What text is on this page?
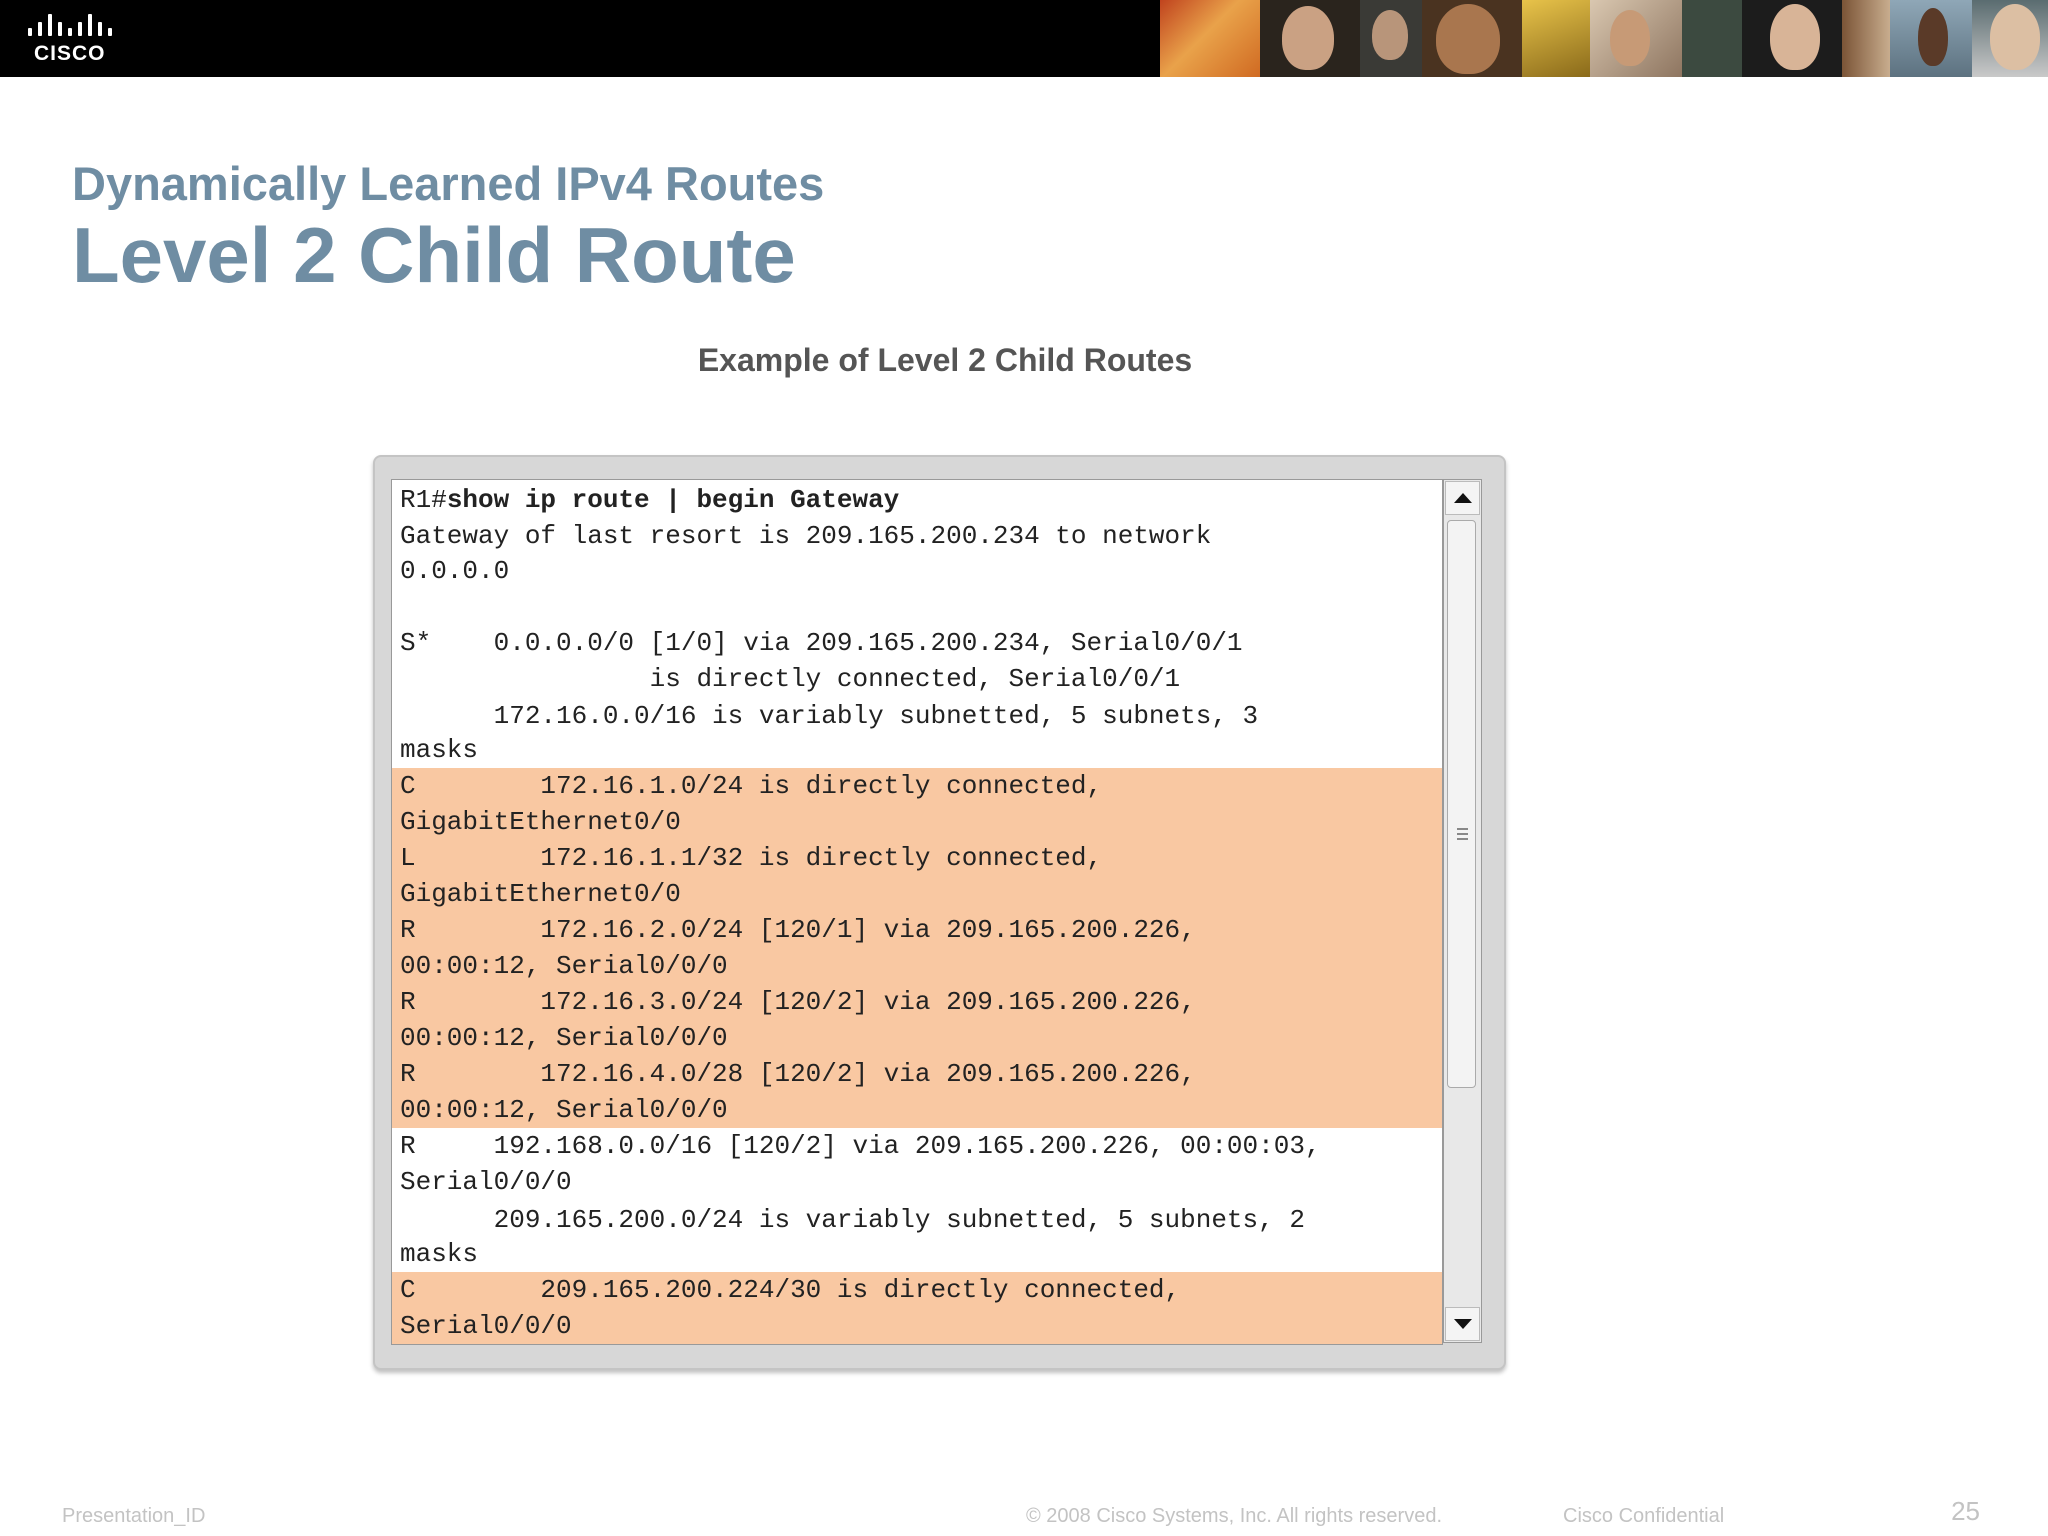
CISCO
Dynamically Learned IPv4 Routes
Level 2 Child Route
Example of Level 2 Child Routes
R1#show ip route | begin Gateway
Gateway of last resort is 209.165.200.234 to network
0.0.0.0
S*    0.0.0.0/0 [1/0] via 209.165.200.234, Serial0/0/1
is directly connected, Serial0/0/1
172.16.0.0/16 is variably subnetted, 5 subnets, 3
masks
C        172.16.1.0/24 is directly connected,
GigabitEthernet0/0
L        172.16.1.1/32 is directly connected,
GigabitEthernet0/0
R        172.16.2.0/24 [120/1] via 209.165.200.226,
00:00:12, Serial0/0/0
R        172.16.3.0/24 [120/2] via 209.165.200.226,
00:00:12, Serial0/0/0
R        172.16.4.0/28 [120/2] via 209.165.200.226,
00:00:12, Serial0/0/0
R     192.168.0.0/16 [120/2] via 209.165.200.226, 00:00:03,
Serial0/0/0
209.165.200.0/24 is variably subnetted, 5 subnets, 2
masks
C        209.165.200.224/30 is directly connected,
Serial0/0/0
Presentation_ID	© 2008 Cisco Systems, Inc. All rights reserved.	Cisco Confidential	25
